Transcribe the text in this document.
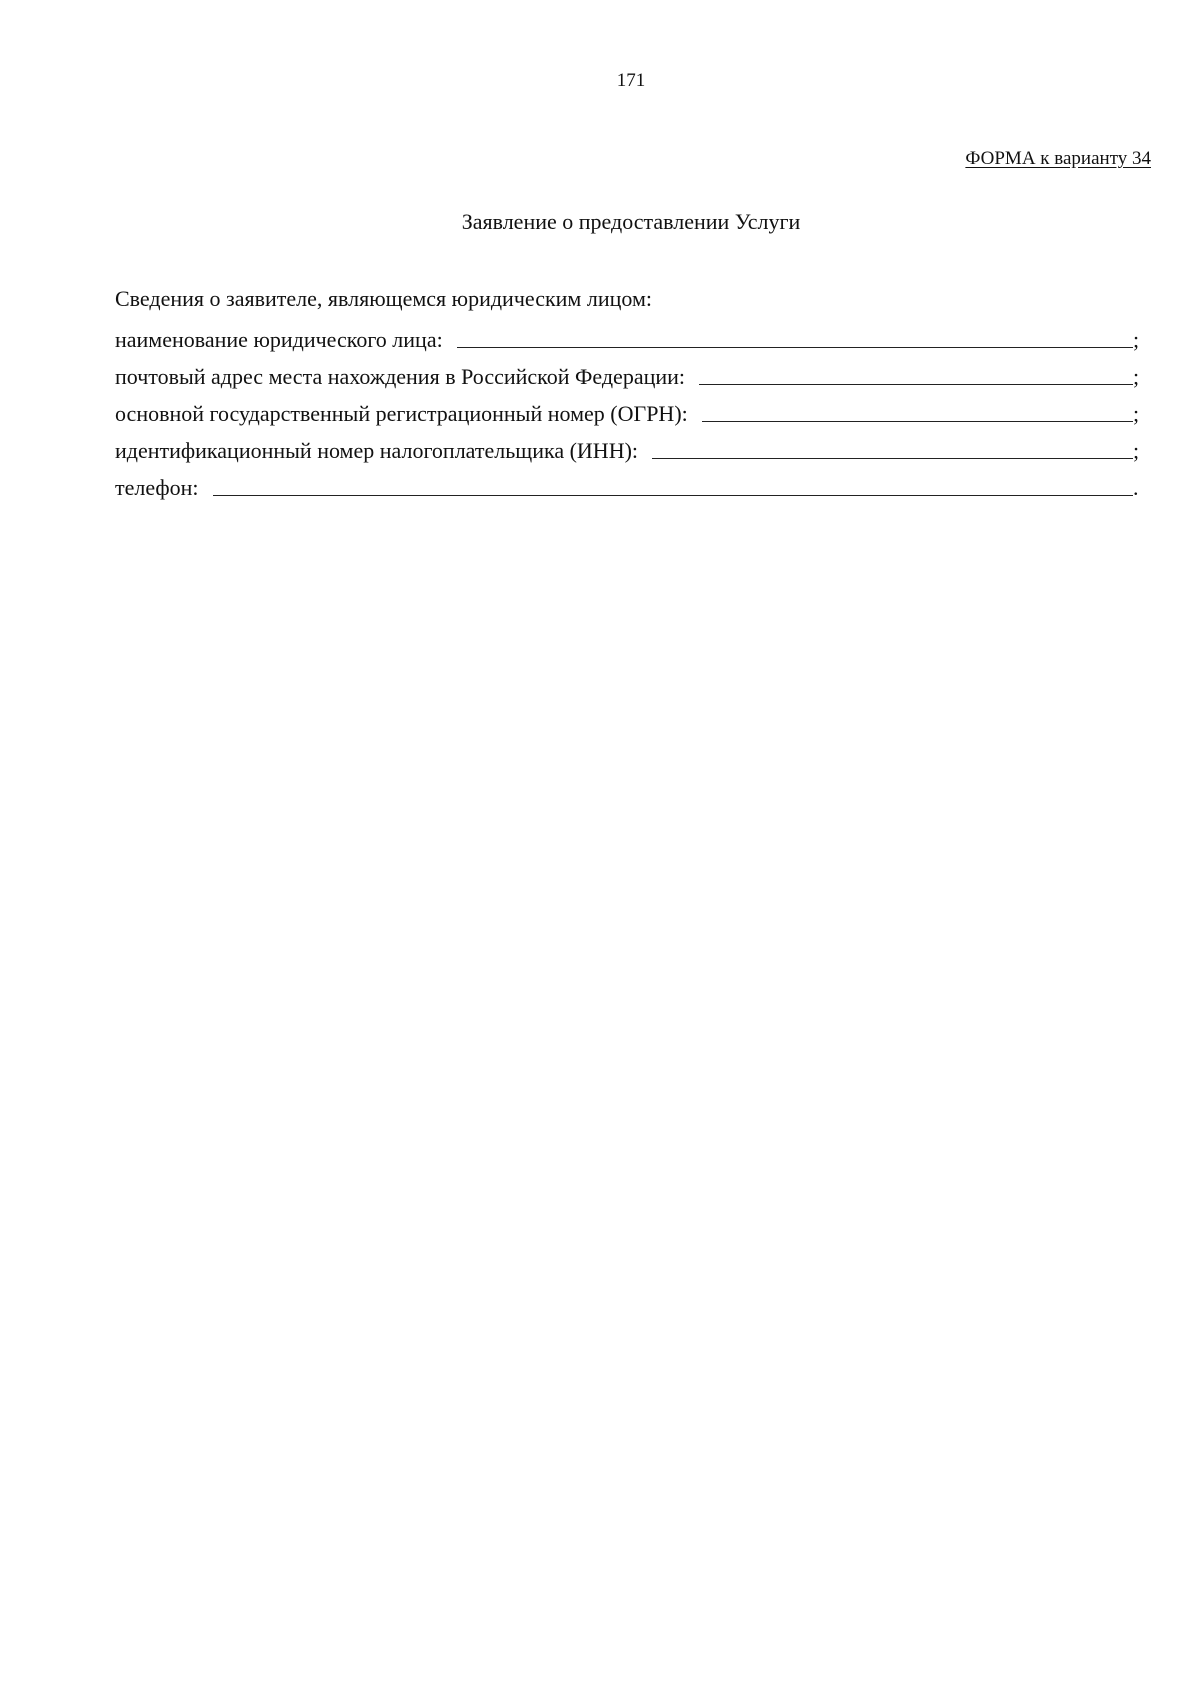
171
ФОРМА к варианту 34
Заявление о предоставлении Услуги
Сведения о заявителе, являющемся юридическим лицом:
наименование юридического лица:	;
почтовый адрес места нахождения в Российской Федерации:	;
основной государственный регистрационный номер (ОГРН):	;
идентификационный номер налогоплательщика (ИНН):	;
телефон:	.
